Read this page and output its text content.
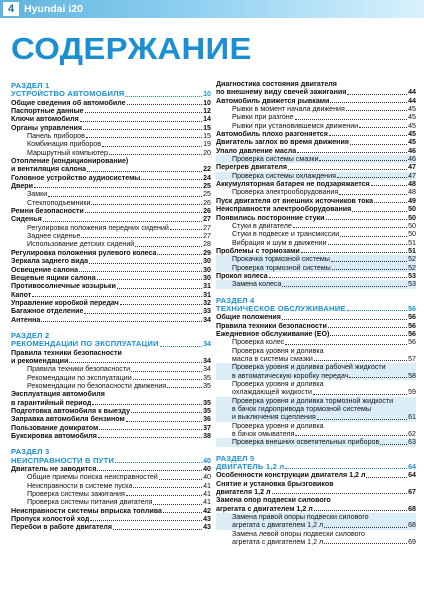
4 Hyundai i20
СОДЕРЖАНИЕ
РАЗДЕЛ 1
УСТРОЙСТВО АВТОМОБИЛЯ	10
Общие сведения об автомобиле	10
Паспортные данные	12
Ключи автомобиля	14
Органы управления	15
Панель приборов	15
Комбинация приборов	19
Маршрутный компьютер	20
Отопление (кондиционирование)
и вентиляция салона	22
Головное устройство аудиосистемы	24
Двери	25
Замки	25
Стеклоподъемники	26
Ремни безопасности	26
Сиденья	27
Регулировка положения передних сидений	27
Заднее сиденье	27
Использование детских сидений	28
Регулировка положения рулевого колеса	29
Зеркала заднего вида	30
Освещение салона	30
Вещевые ящики салона	30
Противосолнечные козырьки	31
Капот	31
Управление коробкой передач	32
Багажное отделение	33
Антенна	34
РАЗДЕЛ 2
РЕКОМЕНДАЦИИ ПО ЭКСПЛУАТАЦИИ	34
Правила техники безопасности
и рекомендации	34
Правила техники безопасности	34
Рекомендации по эксплуатации	35
Рекомендации по безопасности движения	35
Эксплуатация автомобиля
в гарантийный период	35
Подготовка автомобиля к выезду	35
Заправка автомобиля бензином	36
Пользование домкратом	37
Буксировка автомобиля	38
РАЗДЕЛ 3
НЕИСПРАВНОСТИ В ПУТИ	40
Двигатель не заводится	40
Общие приемы поиска неисправностей	40
Неисправности в системе пуска	41
Проверка системы зажигания	41
Проверка системы питания двигателя	41
Неисправности системы впрыска топлива	42
Пропуск холостой ход	43
Перебои в работе двигателя	43
Диагностика состояния двигателя
по внешнему виду свечей зажигания	44
Автомобиль движется рывками	44
Рывки в момент начала движения	45
Рывки при разгоне	45
Рывки при установившемся движении	45
Автомобиль плохо разгоняется	45
Двигатель заглох во время движения	45
Упало давление масла	46
Проверка системы смазки	46
Перегрев двигателя	47
Проверка системы охлаждения	47
Аккумуляторная батарея не подзаряжается	48
Проверка электрооборудования	48
Пуск двигателя от внешних источников тока	49
Неисправности электрооборудования	50
Появились посторонние стуки	50
Стуки в двигателе	50
Стуки в подвеске и трансмиссии	50
Вибрация и шум в движении	51
Проблемы с тормозами	51
Прокачка тормозной системы	52
Проверка тормозной системы	52
Прокол колеса	53
Замена колеса	53
РАЗДЕЛ 4
ТЕХНИЧЕСКОЕ ОБСЛУЖИВАНИЕ	56
Общие положения	56
Правила техники безопасности	56
Ежедневное обслуживание (ЕО)	56
Проверка колес	56
Проверка уровня и доливка
масла в системы смазки	57
Проверка уровня и доливка рабочей жидкости
в автоматическую коробку передач	58
Проверка уровня и доливка
охлаждающей жидкости	59
Проверка уровня и доливка тормозной жидкости
в бачок гидропривода тормозной системы
и выключения сцепления	61
Проверка уровня и доливка
в бачок омывателя	62
Проверка внешних осветительных приборов	63
РАЗДЕЛ 5
ДВИГАТЕЛЬ 1,2 л	64
Особенности конструкции двигателя 1,2 л	64
Снятие и установка брызговиков
двигателя 1,2 л	67
Замена опор подвески силового
агрегата с двигателем 1,2 л	68
Замена правой опоры подвески силового
агрегата с двигателем 1,2 л	68
Замена левой опоры подвески силового
агрегата с двигателем 1,2 л	69
